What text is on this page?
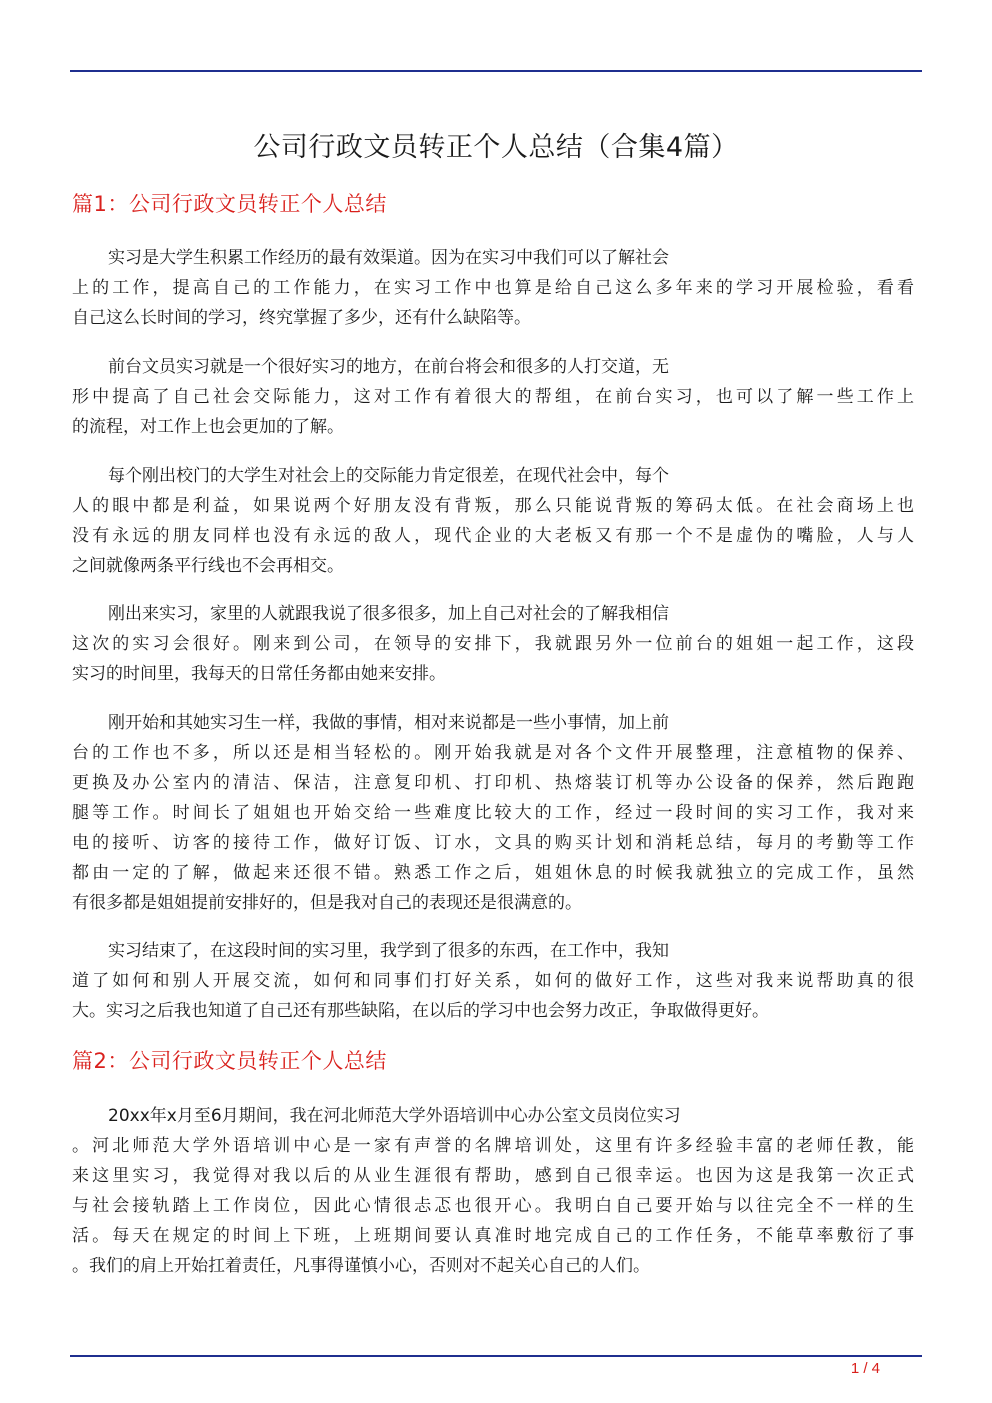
公司行政文员转正个人总结（合集4篇）
篇1：公司行政文员转正个人总结
实习是大学生积累工作经历的最有效渠道。因为在实习中我们可以了解社会
上的工作，提高自己的工作能力，在实习工作中也算是给自己这么多年来的学习开展检验，看看
自己这么长时间的学习，终究掌握了多少，还有什么缺陷等。
前台文员实习就是一个很好实习的地方，在前台将会和很多的人打交道，无
形中提高了自己社会交际能力，这对工作有着很大的帮组，在前台实习，也可以了解一些工作上
的流程，对工作上也会更加的了解。
每个刚出校门的大学生对社会上的交际能力肯定很差，在现代社会中，每个
人的眼中都是利益，如果说两个好朋友没有背叛，那么只能说背叛的筹码太低。在社会商场上也
没有永远的朋友同样也没有永远的敌人，现代企业的大老板又有那一个不是虚伪的嘴脸，人与人
之间就像两条平行线也不会再相交。
刚出来实习，家里的人就跟我说了很多很多，加上自己对社会的了解我相信
这次的实习会很好。刚来到公司，在领导的安排下，我就跟另外一位前台的姐姐一起工作，这段
实习的时间里，我每天的日常任务都由她来安排。
刚开始和其她实习生一样，我做的事情，相对来说都是一些小事情，加上前
台的工作也不多，所以还是相当轻松的。刚开始我就是对各个文件开展整理，注意植物的保养、
更换及办公室内的清洁、保洁，注意复印机、打印机、热熔装订机等办公设备的保养，然后跑跑
腿等工作。时间长了姐姐也开始交给一些难度比较大的工作，经过一段时间的实习工作，我对来
电的接听、访客的接待工作，做好订饭、订水，文具的购买计划和消耗总结，每月的考勤等工作
都由一定的了解，做起来还很不错。熟悉工作之后，姐姐休息的时候我就独立的完成工作，虽然
有很多都是姐姐提前安排好的，但是我对自己的表现还是很满意的。
实习结束了，在这段时间的实习里，我学到了很多的东西，在工作中，我知
道了如何和别人开展交流，如何和同事们打好关系，如何的做好工作，这些对我来说帮助真的很
大。实习之后我也知道了自己还有那些缺陷，在以后的学习中也会努力改正，争取做得更好。
篇2：公司行政文员转正个人总结
20xx年x月至6月期间，我在河北师范大学外语培训中心办公室文员岗位实习
。河北师范大学外语培训中心是一家有声誉的名牌培训处，这里有许多经验丰富的老师任教，能
来这里实习，我觉得对我以后的从业生涯很有帮助，感到自己很幸运。也因为这是我第一次正式
与社会接轨踏上工作岗位，因此心情很忐忑也很开心。我明白自己要开始与以往完全不一样的生
活。每天在规定的时间上下班，上班期间要认真准时地完成自己的工作任务，不能草率敷衍了事
。我们的肩上开始扛着责任，凡事得谨慎小心，否则对不起关心自己的人们。
1 / 4
